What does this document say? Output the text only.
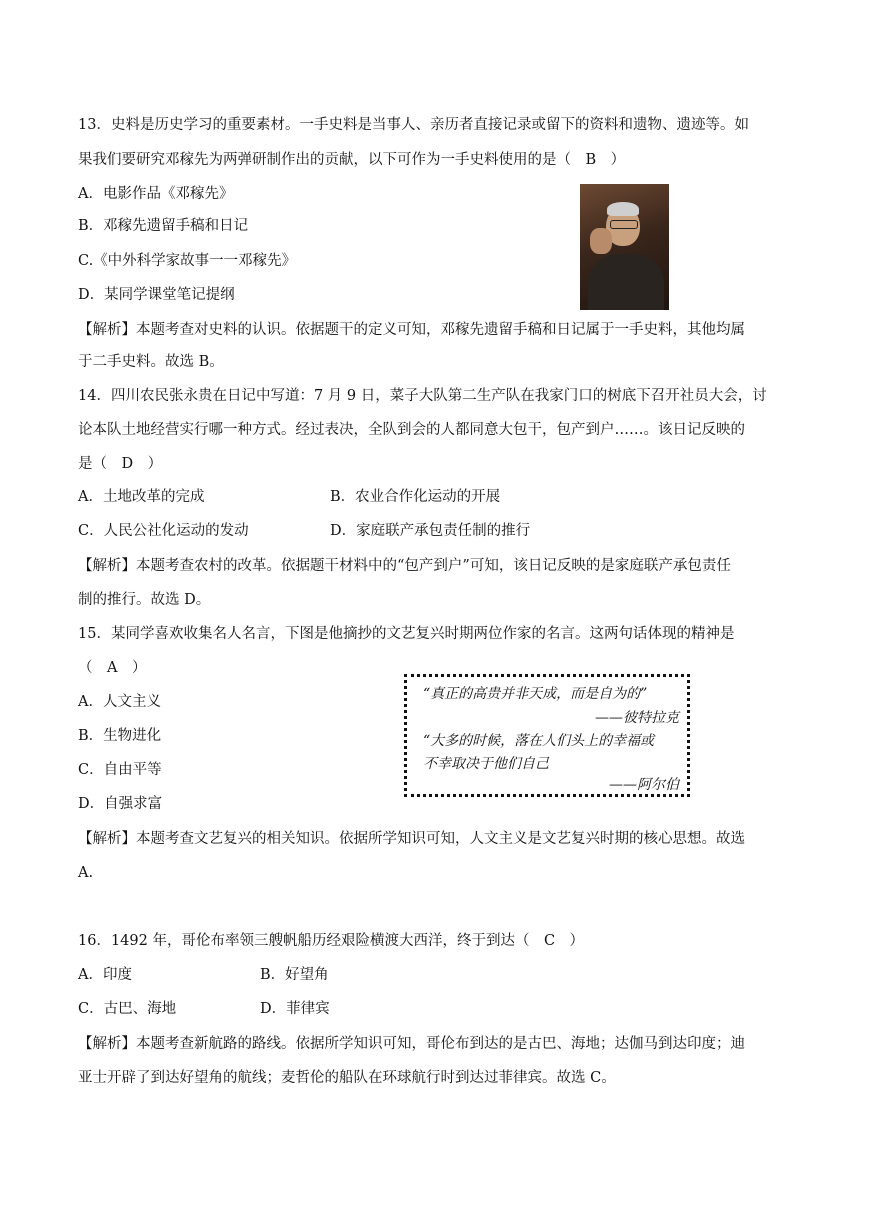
13．史料是历史学习的重要素材。一手史料是当事人、亲历者直接记录或留下的资料和遗物、遗迹等。如
果我们要研究邓稼先为两弹研制作出的贡献，以下可作为一手史料使用的是（　B　）
A．电影作品《邓稼先》
B．邓稼先遗留手稿和日记
C.《中外科学家故事一一邓稼先》
D．某同学课堂笔记提纲
【解析】本题考查对史料的认识。依据题干的定义可知，邓稼先遗留手稿和日记属于一手史料，其他均属
于二手史料。故选 B。
14．四川农民张永贵在日记中写道：7 月 9 日，菜子大队第二生产队在我家门口的树底下召开社员大会，讨
论本队土地经营实行哪一种方式。经过表决，全队到会的人都同意大包干，包产到户……。该日记反映的
是（　D　）
A．土地改革的完成	B．农业合作化运动的开展
C．人民公社化运动的发动	D．家庭联产承包责任制的推行
【解析】本题考查农村的改革。依据题干材料中的“包产到户”可知，该日记反映的是家庭联产承包责任
制的推行。故选 D。
15．某同学喜欢收集名人名言，下图是他摘抄的文艺复兴时期两位作家的名言。这两句话体现的精神是
（　A　）
A．人文主义
B．生物进化
C．自由平等
D．自强求富
“真正的高贵并非天成，而是自为的”
——彼特拉克
“大多的时候，落在人们头上的幸福或
不幸取决于他们自己
——阿尔伯
【解析】本题考查文艺复兴的相关知识。依据所学知识可知，人文主义是文艺复兴时期的核心思想。故选
A.
16．1492 年，哥伦布率领三艘帆船历经艰险横渡大西洋，终于到达（　C　）
A．印度	B．好望角
C．古巴、海地	D．菲律宾
【解析】本题考查新航路的路线。依据所学知识可知，哥伦布到达的是古巴、海地；达伽马到达印度；迪
亚士开辟了到达好望角的航线；麦哲伦的船队在环球航行时到达过菲律宾。故选 C。
